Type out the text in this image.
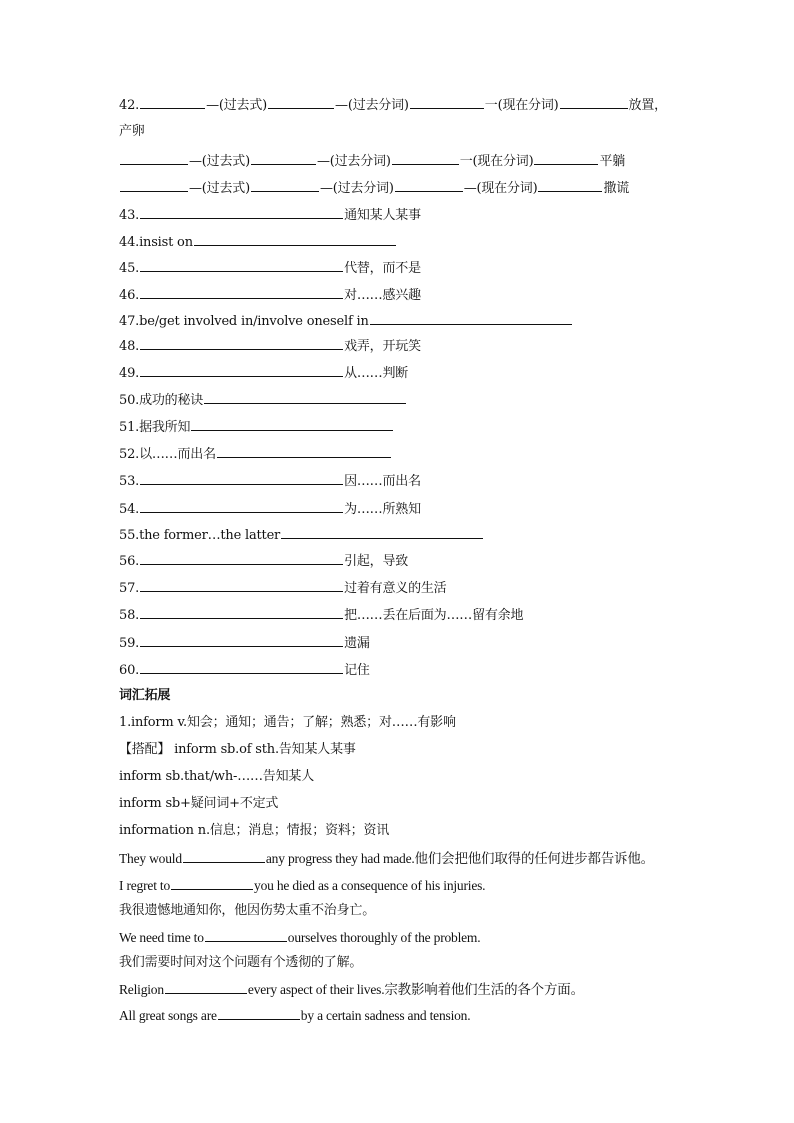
42.	—(过去式)	—(过去分词)	一(现在分词)	放置，
产卵
—(过去式)	—(过去分词)	一(现在分词)	平躺
—(过去式)	—(过去分词)	—(现在分词)	撒谎
43.	通知某人某事
44.insist on
45.	代替，而不是
46.	对……感兴趣
47.be/get involved in/involve oneself in
48.	戏弄，开玩笑
49.	从……判断
50.成功的秘诀
51.据我所知
52.以……而出名
53.	因……而出名
54.	为……所熟知
55.the former…the latter
56.	引起，导致
57.	过着有意义的生活
58.	把……丢在后面为……留有余地
59.	遗漏
60.	记住
词汇拓展
1.inform v.知会；通知；通告；了解；熟悉；对……有影响
【搭配】 inform sb.of sth.告知某人某事
inform sb.that/wh-……告知某人
inform sb+疑问词+不定式
information n.信息；消息；情报；资料；资讯
They would	any progress they had made.他们会把他们取得的任何进步都告诉他。
I regret to	you he died as a consequence of his injuries.
我很遗憾地通知你，他因伤势太重不治身亡。
We need time to	ourselves thoroughly of the problem.
我们需要时间对这个问题有个透彻的了解。
Religion	every aspect of their lives.宗教影响着他们生活的各个方面。
All great songs are	by a certain sadness and tension.
